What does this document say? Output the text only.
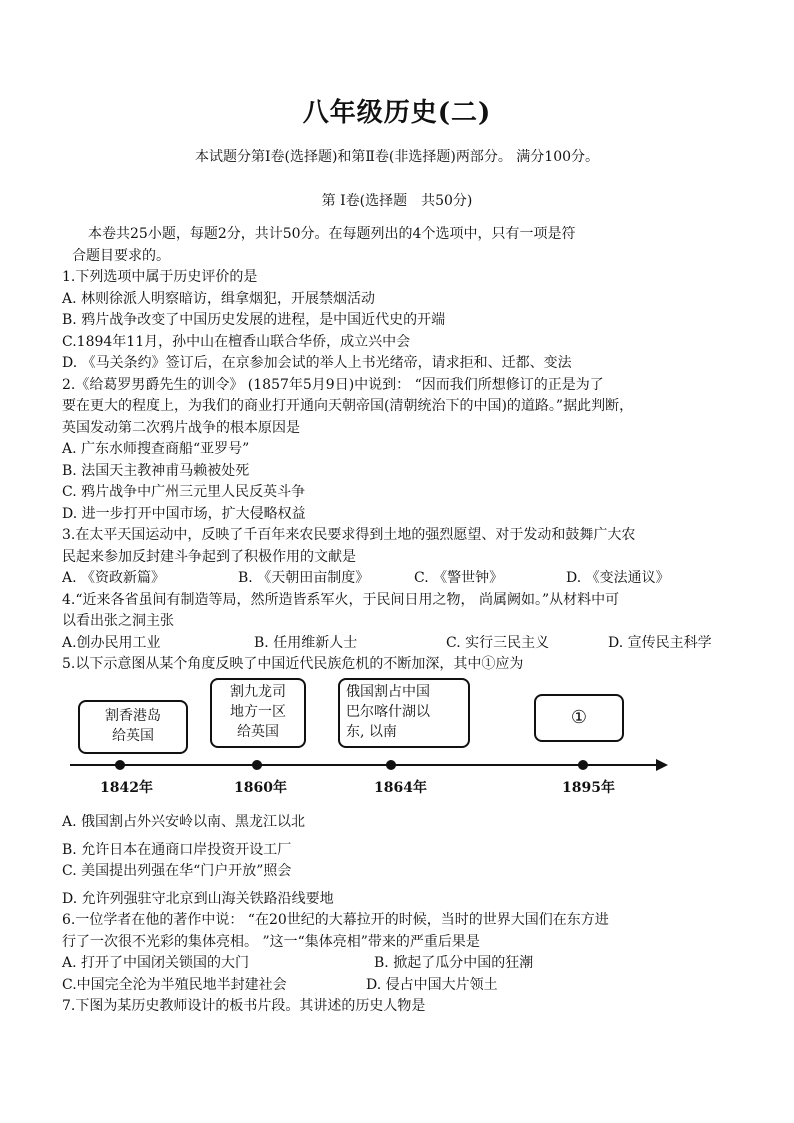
八年级历史(二)
本试题分第Ⅰ卷(选择题)和第Ⅱ卷(非选择题)两部分。 满分100分。
第 Ⅰ卷(选择题　共50分)
本卷共25小题，每题2分，共计50分。在每题列出的4个选项中，只有一项是符
合题目要求的。
1.下列选项中属于历史评价的是
A. 林则徐派人明察暗访，缉拿烟犯，开展禁烟活动
B. 鸦片战争改变了中国历史发展的进程，是中国近代史的开端
C.1894年11月，孙中山在檀香山联合华侨，成立兴中会
D. 《马关条约》签订后，在京参加会试的举人上书光绪帝，请求拒和、迁都、变法
2.《给葛罗男爵先生的训令》 (1857年5月9日)中说到： “因而我们所想修订的正是为了
要在更大的程度上，为我们的商业打开通向天朝帝国(清朝统治下的中国)的道路。”据此判断，
英国发动第二次鸦片战争的根本原因是
A. 广东水师搜查商船“亚罗号”
B. 法国天主教神甫马赖被处死
C. 鸦片战争中广州三元里人民反英斗争
D. 进一步打开中国市场，扩大侵略权益
3.在太平天国运动中，反映了千百年来农民要求得到土地的强烈愿望、对于发动和鼓舞广大农
民起来参加反封建斗争起到了积极作用的文献是
A. 《资政新篇》	B. 《天朝田亩制度》	C. 《警世钟》	D. 《变法通议》
4.“近来各省虽间有制造等局，然所造皆系军火，于民间日用之物， 尚属阙如。”从材料中可
以看出张之洞主张
A.创办民用工业	B. 任用维新人士	C. 实行三民主义	D. 宣传民主科学
5.以下示意图从某个角度反映了中国近代民族危机的不断加深，其中①应为
割香港岛
给英国
割九龙司
地方一区
给英国
俄国割占中国
巴尔喀什湖以
东, 以南
①
1842年	1860年	1864年	1895年
A. 俄国割占外兴安岭以南、黑龙江以北
B. 允许日本在通商口岸投资开设工厂
C. 美国提出列强在华“门户开放”照会
D. 允许列强驻守北京到山海关铁路沿线要地
6.一位学者在他的著作中说： “在20世纪的大幕拉开的时候，当时的世界大国们在东方进
行了一次很不光彩的集体亮相。 ”这一“集体亮相”带来的严重后果是
A. 打开了中国闭关锁国的大门	B. 掀起了瓜分中国的狂潮
C.中国完全沦为半殖民地半封建社会	D. 侵占中国大片领土
7.下图为某历史教师设计的板书片段。其讲述的历史人物是
